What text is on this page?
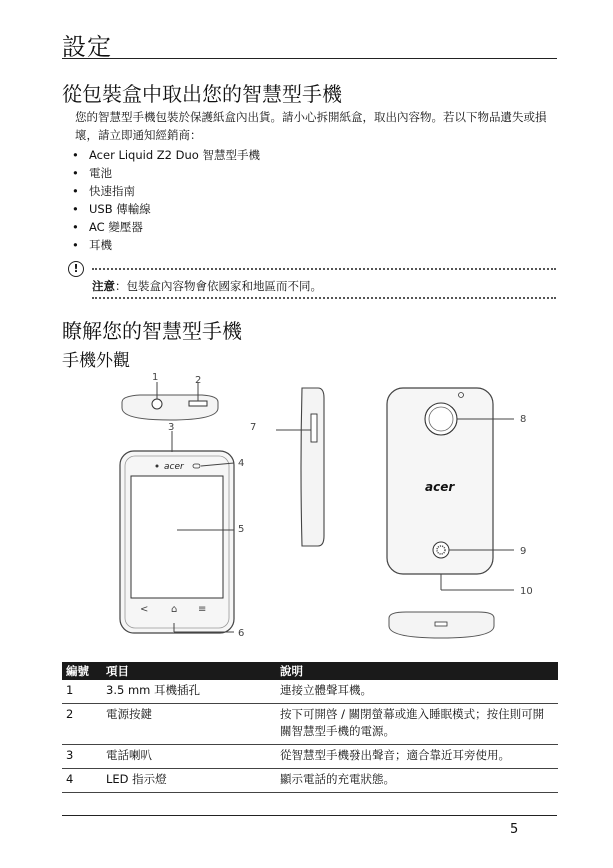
設定
從包裝盒中取出您的智慧型手機
您的智慧型手機包裝於保護紙盒內出貨。請小心拆開紙盒，取出內容物。若以下物品遺失或損壞，請立即通知經銷商：
• Acer Liquid Z2 Duo 智慧型手機
• 電池
• 快速指南
• USB 傳輸線
• AC 變壓器
• 耳機
!
注意：包裝盒內容物會依國家和地區而不同。
瞭解您的智慧型手機
手機外觀
1	2
acer
< ⌂ ≡
3
4
5
6
7
acer
8
9
10
編號	項目	說明
1	3.5 mm 耳機插孔	連接立體聲耳機。
2	電源按鍵	按下可開啓 / 關閉螢幕或進入睡眠模式；按住則可開關智慧型手機的電源。
3	電話喇叭	從智慧型手機發出聲音；適合靠近耳旁使用。
4	LED 指示燈	顯示電話的充電狀態。
5
